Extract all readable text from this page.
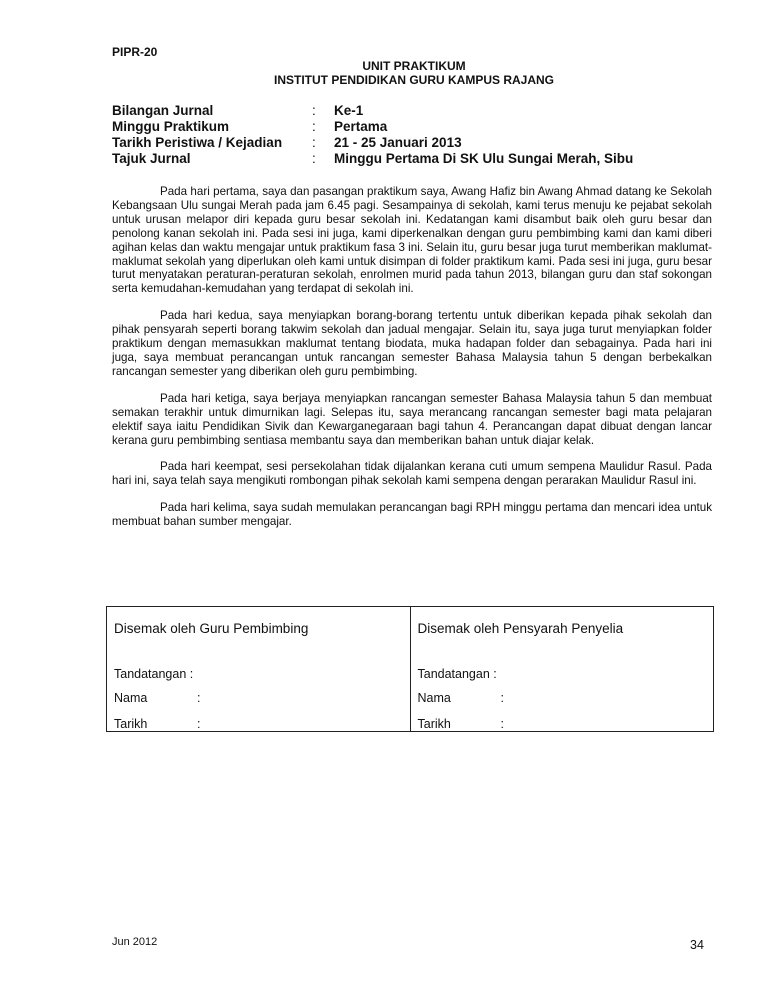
PIPR-20
UNIT PRAKTIKUM
INSTITUT PENDIDIKAN GURU KAMPUS RAJANG
Bilangan Jurnal	: Ke-1
Minggu Praktikum	: Pertama
Tarikh Peristiwa / Kejadian : 21 - 25 Januari 2013
Tajuk Jurnal	: Minggu Pertama Di SK Ulu Sungai Merah, Sibu

Pada hari pertama, saya dan pasangan praktikum saya, Awang Hafiz bin Awang Ahmad datang ke Sekolah Kebangsaan Ulu sungai Merah pada jam 6.45 pagi. Sesampainya di sekolah, kami terus menuju ke pejabat sekolah untuk urusan melapor diri kepada guru besar sekolah ini. Kedatangan kami disambut baik oleh guru besar dan penolong kanan sekolah ini. Pada sesi ini juga, kami diperkenalkan dengan guru pembimbing kami dan kami diberi agihan kelas dan waktu mengajar untuk praktikum fasa 3 ini. Selain itu, guru besar juga turut memberikan maklumat-maklumat sekolah yang diperlukan oleh kami untuk disimpan di folder praktikum kami. Pada sesi ini juga, guru besar turut menyatakan peraturan-peraturan sekolah, enrolmen murid pada tahun 2013, bilangan guru dan staf sokongan serta kemudahan-kemudahan yang terdapat di sekolah ini.

Pada hari kedua, saya menyiapkan borang-borang tertentu untuk diberikan kepada pihak sekolah dan pihak pensyarah seperti borang takwim sekolah dan jadual mengajar. Selain itu, saya juga turut menyiapkan folder praktikum dengan memasukkan maklumat tentang biodata, muka hadapan folder dan sebagainya. Pada hari ini juga, saya membuat perancangan untuk rancangan semester Bahasa Malaysia tahun 5 dengan berbekalkan rancangan semester yang diberikan oleh guru pembimbing.

Pada hari ketiga, saya berjaya menyiapkan rancangan semester Bahasa Malaysia tahun 5 dan membuat semakan terakhir untuk dimurnikan lagi. Selepas itu, saya merancang rancangan semester bagi mata pelajaran elektif saya iaitu Pendidikan Sivik dan Kewarganegaraan bagi tahun 4. Perancangan dapat dibuat dengan lancar kerana guru pembimbing sentiasa membantu saya dan memberikan bahan untuk diajar kelak.

Pada hari keempat, sesi persekolahan tidak dijalankan kerana cuti umum sempena Maulidur Rasul. Pada hari ini, saya telah saya mengikuti rombongan pihak sekolah kami sempena dengan perarakan Maulidur Rasul ini.

Pada hari kelima, saya sudah memulakan perancangan bagi RPH minggu pertama dan mencari idea untuk membuat bahan sumber mengajar.

Disemak oleh Guru Pembimbing
Tandatangan :
Nama	:
Tarikh	:
Disemak oleh Pensyarah Penyelia
Tandatangan :
Nama	:
Tarikh	:
Jun 2012	34
